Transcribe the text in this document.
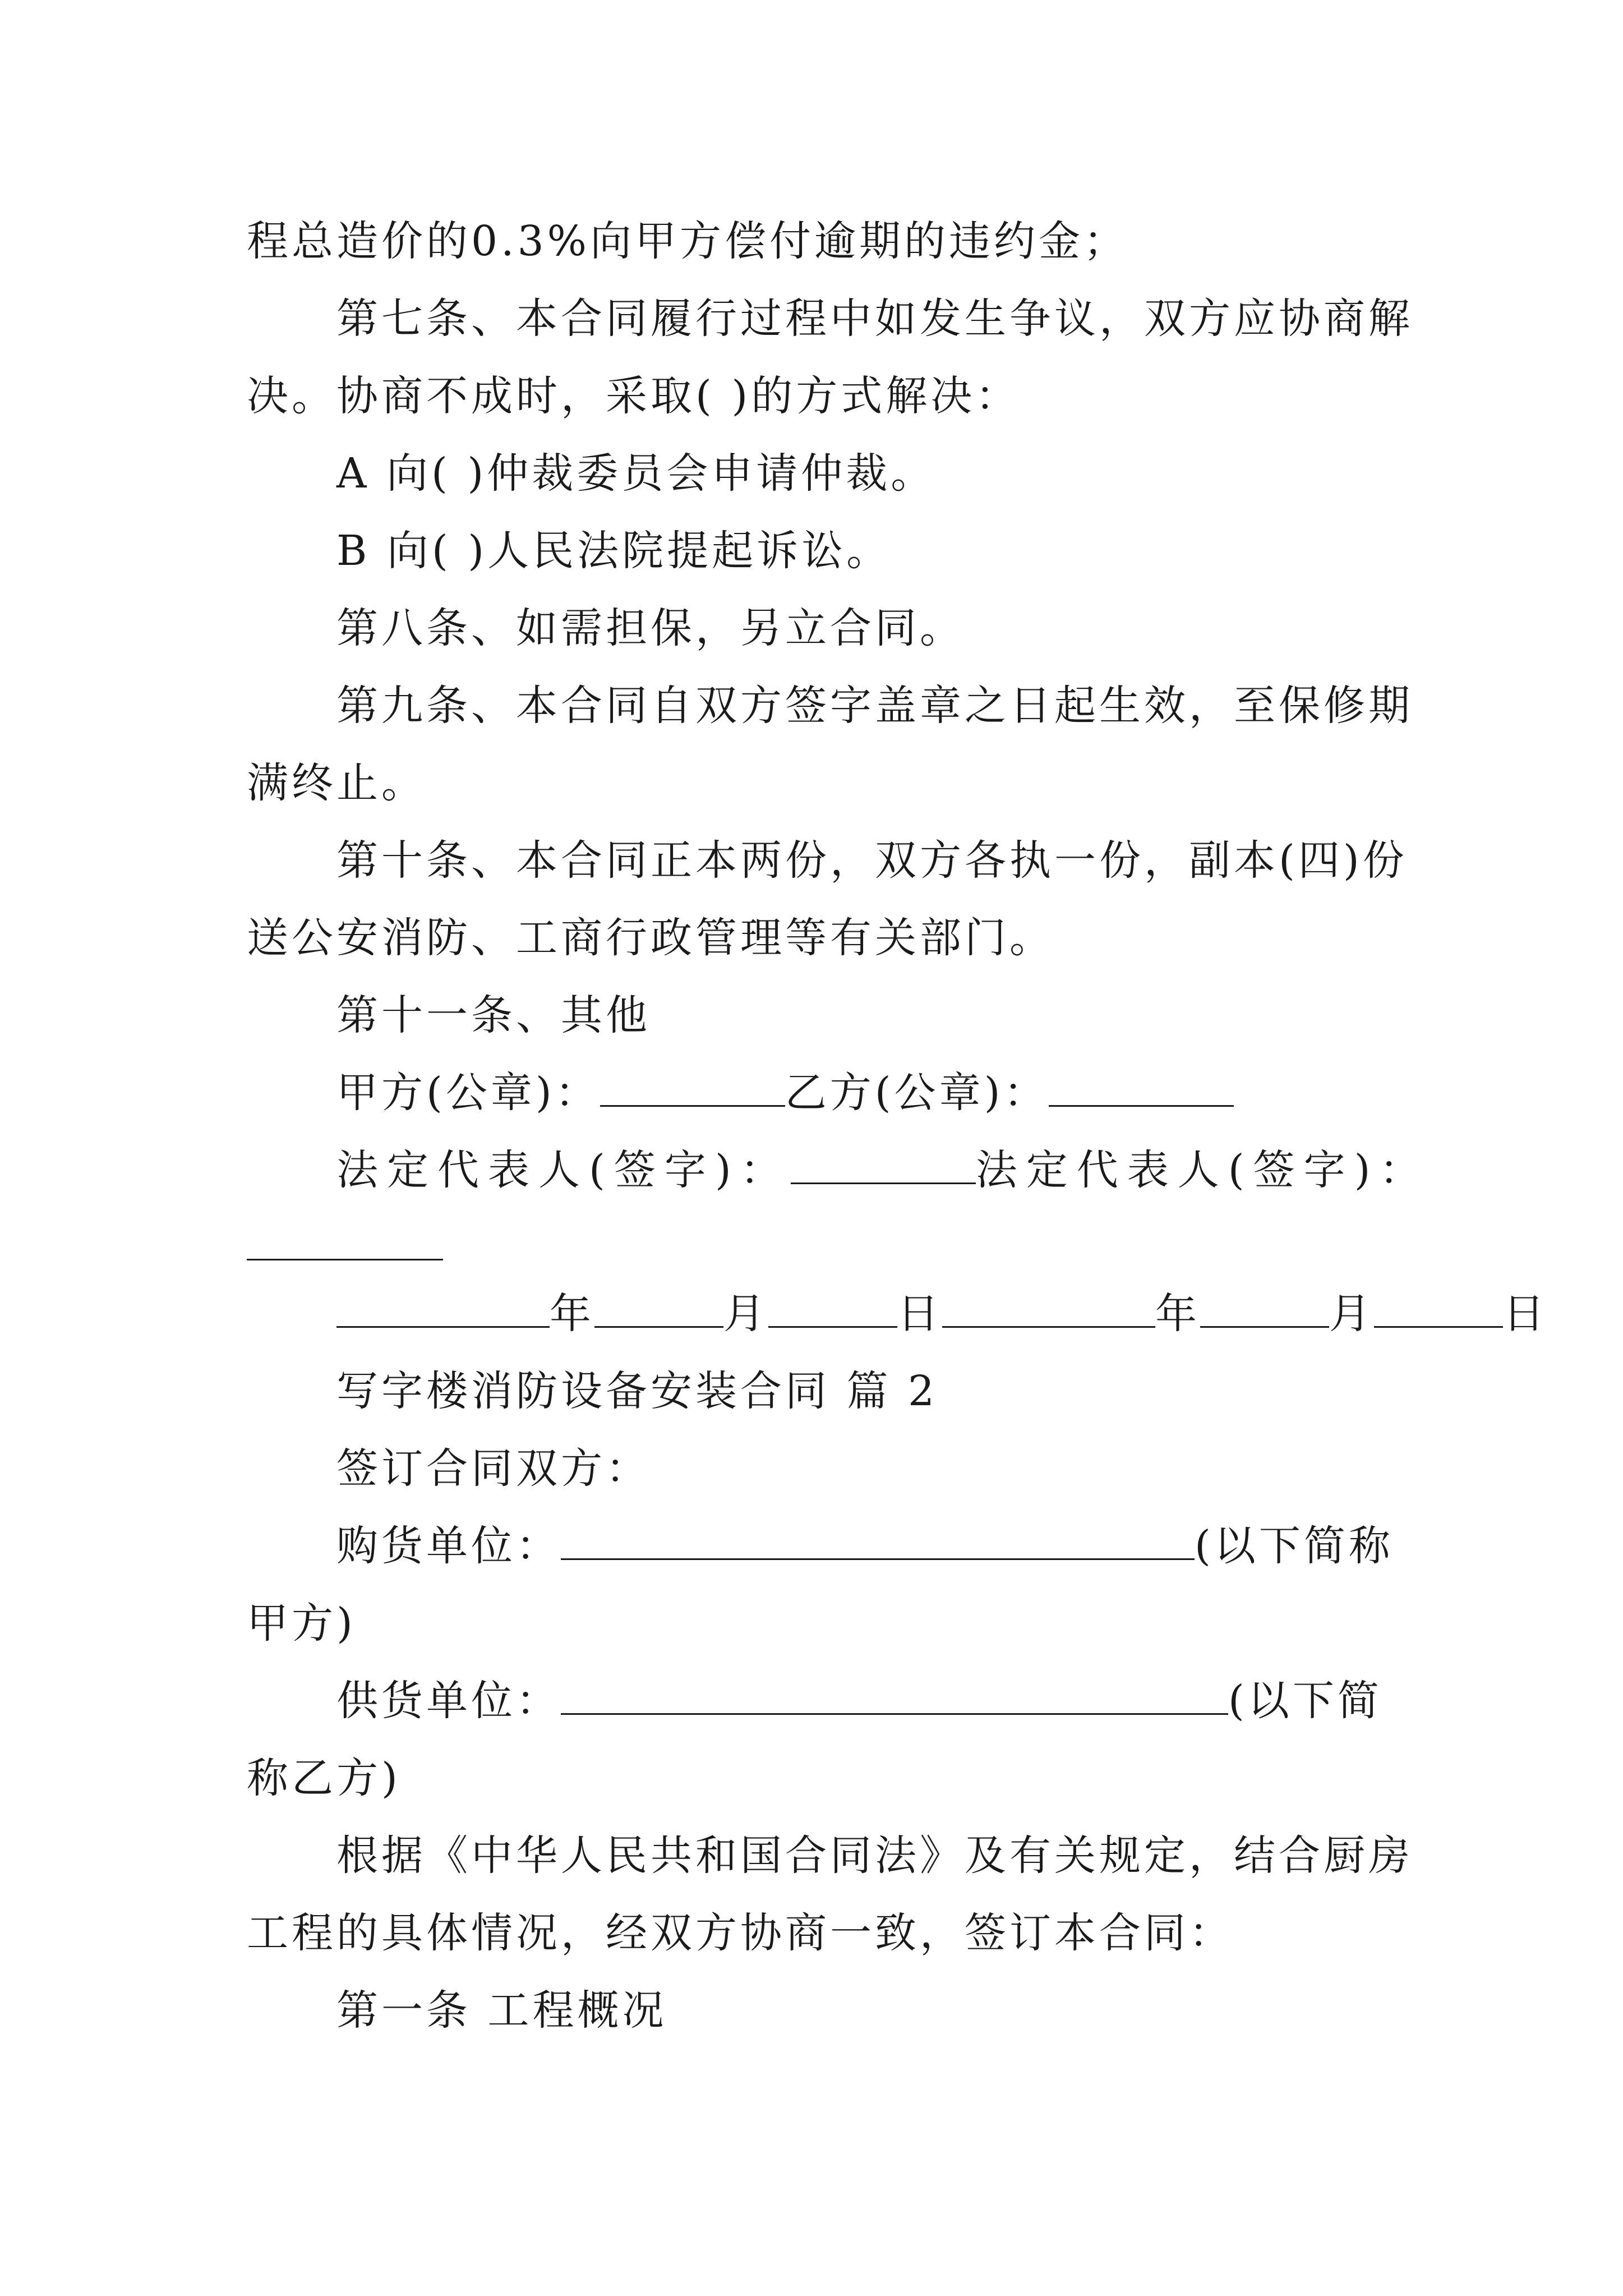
程总造价的0.3%向甲方偿付逾期的违约金；
第七条、本合同履行过程中如发生争议，双方应协商解
决。协商不成时，采取( )的方式解决：
A 向( )仲裁委员会申请仲裁。
B 向( )人民法院提起诉讼。
第八条、如需担保，另立合同。
第九条、本合同自双方签字盖章之日起生效，至保修期
满终止。
第十条、本合同正本两份，双方各执一份，副本(四)份
送公安消防、工商行政管理等有关部门。
第十一条、其他
甲方(公章)：	乙方(公章)：
法定代表人(签字)：	法定代表人(签字)：
年	月	日	年	月	日
写字楼消防设备安装合同 篇 2
签订合同双方：
购货单位：	(以下简称
甲方)
供货单位：	(以下简
称乙方)
根据《中华人民共和国合同法》及有关规定，结合厨房
工程的具体情况，经双方协商一致，签订本合同：
第一条 工程概况
